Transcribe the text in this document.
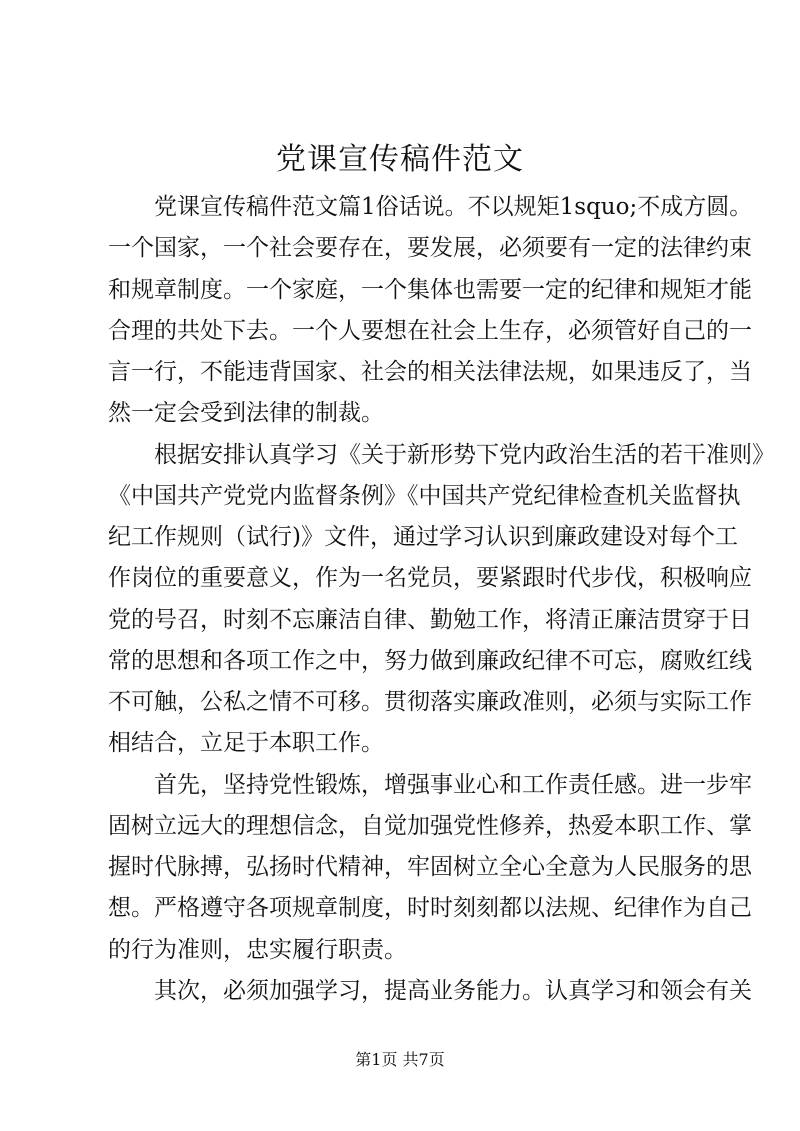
党课宣传稿件范文
党课宣传稿件范文篇1俗话说。不以规矩1squo;不成方圆。
一个国家，一个社会要存在，要发展，必须要有一定的法律约束
和规章制度。一个家庭，一个集体也需要一定的纪律和规矩才能
合理的共处下去。一个人要想在社会上生存，必须管好自己的一
言一行，不能违背国家、社会的相关法律法规，如果违反了，当
然一定会受到法律的制裁。
根据安排认真学习《关于新形势下党内政治生活的若干准则》
《中国共产党党内监督条例》《中国共产党纪律检查机关监督执
纪工作规则（试行)》文件，通过学习认识到廉政建设对每个工
作岗位的重要意义，作为一名党员，要紧跟时代步伐，积极响应
党的号召，时刻不忘廉洁自律、勤勉工作，将清正廉洁贯穿于日
常的思想和各项工作之中，努力做到廉政纪律不可忘，腐败红线
不可触，公私之情不可移。贯彻落实廉政准则，必须与实际工作
相结合，立足于本职工作。
首先，坚持党性锻炼，增强事业心和工作责任感。进一步牢
固树立远大的理想信念，自觉加强党性修养，热爱本职工作、掌
握时代脉搏，弘扬时代精神，牢固树立全心全意为人民服务的思
想。严格遵守各项规章制度，时时刻刻都以法规、纪律作为自己
的行为准则，忠实履行职责。
其次，必须加强学习，提高业务能力。认真学习和领会有关
第1页 共7页
